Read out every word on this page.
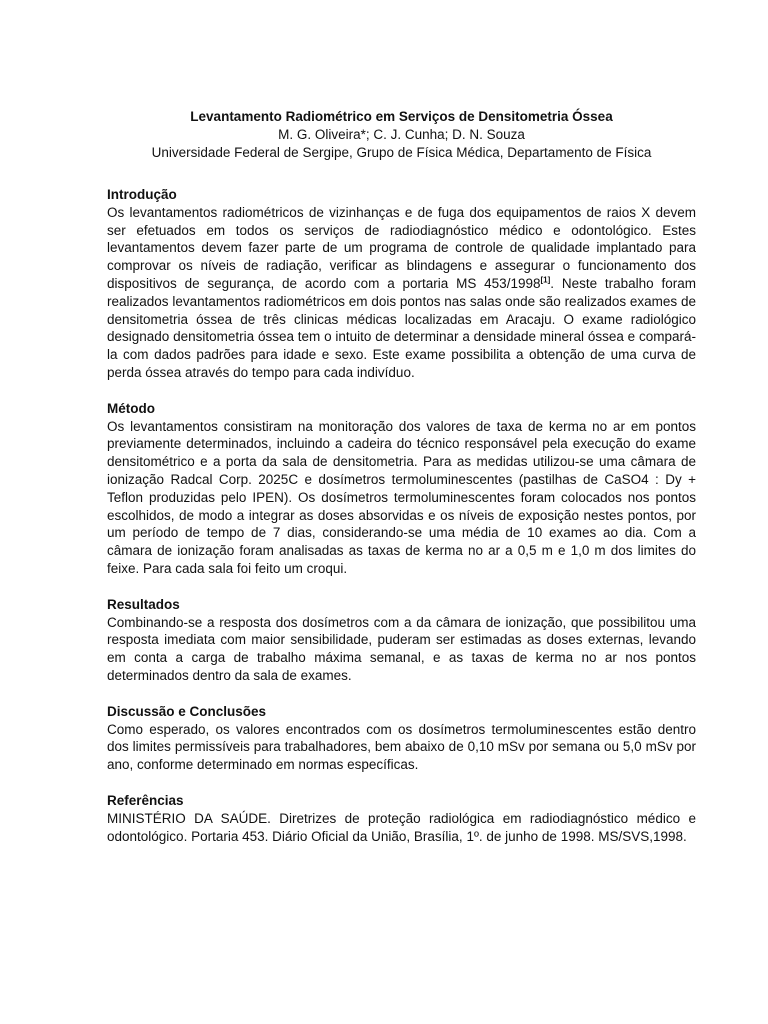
Levantamento Radiométrico em Serviços de Densitometria Óssea
M. G. Oliveira*; C. J. Cunha; D. N. Souza
Universidade Federal de Sergipe, Grupo de Física Médica, Departamento de Física
Introdução

Os levantamentos radiométricos de vizinhanças e de fuga dos equipamentos de raios X devem ser efetuados em todos os serviços de radiodiagnóstico médico e odontológico. Estes levantamentos devem fazer parte de um programa de controle de qualidade implantado para comprovar os níveis de radiação, verificar as blindagens e assegurar o funcionamento dos dispositivos de segurança, de acordo com a portaria MS 453/1998[1]. Neste trabalho foram realizados levantamentos radiométricos em dois pontos nas salas onde são realizados exames de densitometria óssea de três clinicas médicas localizadas em Aracaju. O exame radiológico designado densitometria óssea tem o intuito de determinar a densidade mineral óssea e compará-la com dados padrões para idade e sexo. Este exame possibilita a obtenção de uma curva de perda óssea através do tempo para cada indivíduo.

Método

Os levantamentos consistiram na monitoração dos valores de taxa de kerma no ar em pontos previamente determinados, incluindo a cadeira do técnico responsável pela execução do exame densitométrico e a porta da sala de densitometria. Para as medidas utilizou-se uma câmara de ionização Radcal Corp. 2025C e dosímetros termoluminescentes (pastilhas de CaSO4 : Dy + Teflon produzidas pelo IPEN). Os dosímetros termoluminescentes foram colocados nos pontos escolhidos, de modo a integrar as doses absorvidas e os níveis de exposição nestes pontos, por um período de tempo de 7 dias, considerando-se uma média de 10 exames ao dia. Com a câmara de ionização foram analisadas as taxas de kerma no ar a 0,5 m e 1,0 m dos limites do feixe. Para cada sala foi feito um croqui.

Resultados

Combinando-se a resposta dos dosímetros com a da câmara de ionização, que possibilitou uma resposta imediata com maior sensibilidade, puderam ser estimadas as doses externas, levando em conta a carga de trabalho máxima semanal, e as taxas de kerma no ar nos pontos determinados dentro da sala de exames.

Discussão e Conclusões

Como esperado, os valores encontrados com os dosímetros termoluminescentes estão dentro dos limites permissíveis para trabalhadores, bem abaixo de 0,10 mSv por semana ou 5,0 mSv por ano, conforme determinado em normas específicas.

Referências

MINISTÉRIO DA SAÚDE. Diretrizes de proteção radiológica em radiodiagnóstico médico e odontológico. Portaria 453. Diário Oficial da União, Brasília, 1º. de junho de 1998. MS/SVS,1998.
